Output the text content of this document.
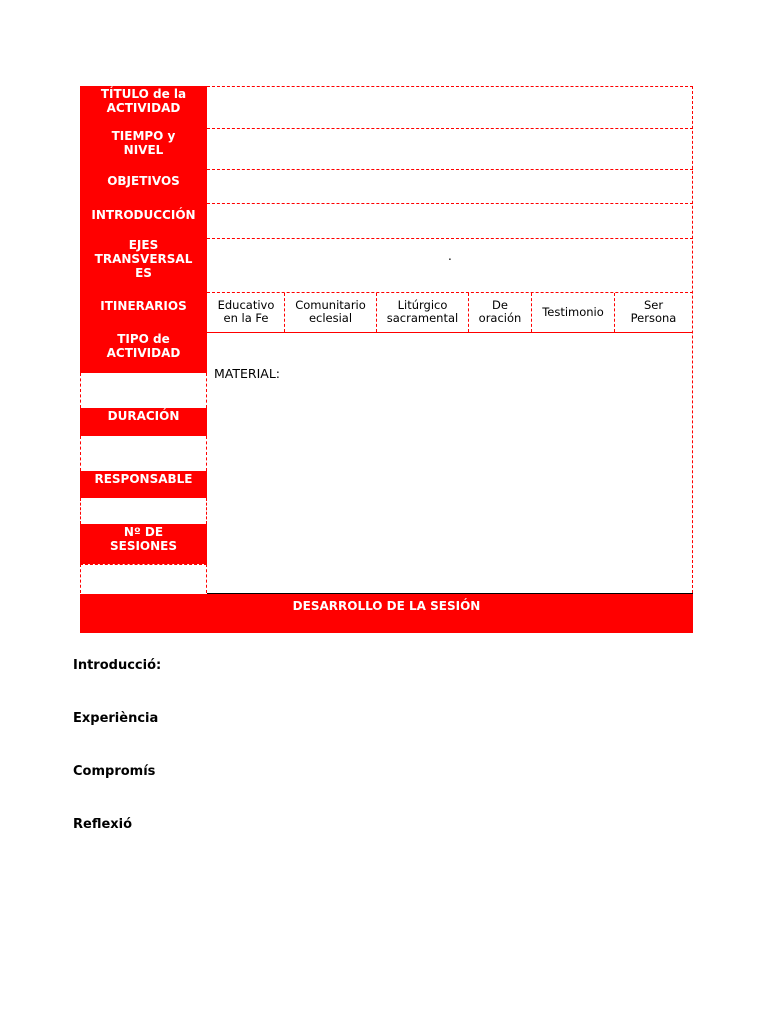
TÍTULO de la
ACTIVIDAD
TIEMPO y
NIVEL
OBJETIVOS
INTRODUCCIÓN
EJES
TRANSVERSAL
ES
ITINERARIOS
TIPO de
ACTIVIDAD
DURACIÓN
RESPONSABLE
Nº DE
SESIONES
.
Educativo
en la Fe
Comunitario
eclesial
Litúrgico
sacramental
De
oración Testimonio	Ser
Persona
MATERIAL:
DESARROLLO DE LA SESIÓN
Introducció:
Experiència
Compromís
Reflexió
